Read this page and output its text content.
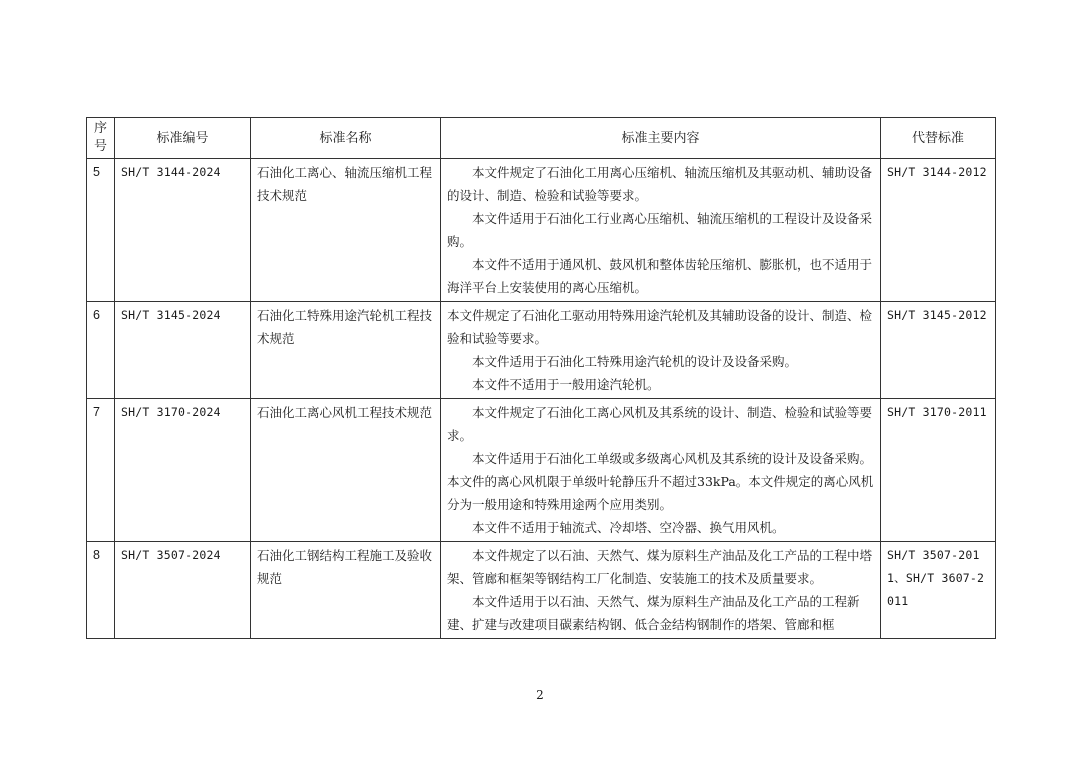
序号	标准编号	标准名称	标准主要内容	代替标准
5	SH/T 3144-2024	石油化工离心、轴流压缩机工程技术规范	本文件规定了石油化工用离心压缩机、轴流压缩机及其驱动机、辅助设备的设计、制造、检验和试验等要求。

本文件适用于石油化工行业离心压缩机、轴流压缩机的工程设计及设备采购。

本文件不适用于通风机、鼓风机和整体齿轮压缩机、膨胀机，也不适用于海洋平台上安装使用的离心压缩机。	SH/T 3144-2012
6	SH/T 3145-2024	石油化工特殊用途汽轮机工程技术规范	本文件规定了石油化工驱动用特殊用途汽轮机及其辅助设备的设计、制造、检验和试验等要求。

本文件适用于石油化工特殊用途汽轮机的设计及设备采购。

本文件不适用于一般用途汽轮机。	SH/T 3145-2012
7	SH/T 3170-2024	石油化工离心风机工程技术规范	本文件规定了石油化工离心风机及其系统的设计、制造、检验和试验等要求。

本文件适用于石油化工单级或多级离心风机及其系统的设计及设备采购。本文件的离心风机限于单级叶轮静压升不超过33kPa。本文件规定的离心风机分为一般用途和特殊用途两个应用类别。

本文件不适用于轴流式、冷却塔、空冷器、换气用风机。	SH/T 3170-2011
8	SH/T 3507-2024	石油化工钢结构工程施工及验收规范	本文件规定了以石油、天然气、煤为原料生产油品及化工产品的工程中塔架、管廊和框架等钢结构工厂化制造、安装施工的技术及质量要求。

本文件适用于以石油、天然气、煤为原料生产油品及化工产品的工程新建、扩建与改建项目碳素结构钢、低合金结构钢制作的塔架、管廊和框	SH/T 3507-2011、SH/T 3607-2011
2
